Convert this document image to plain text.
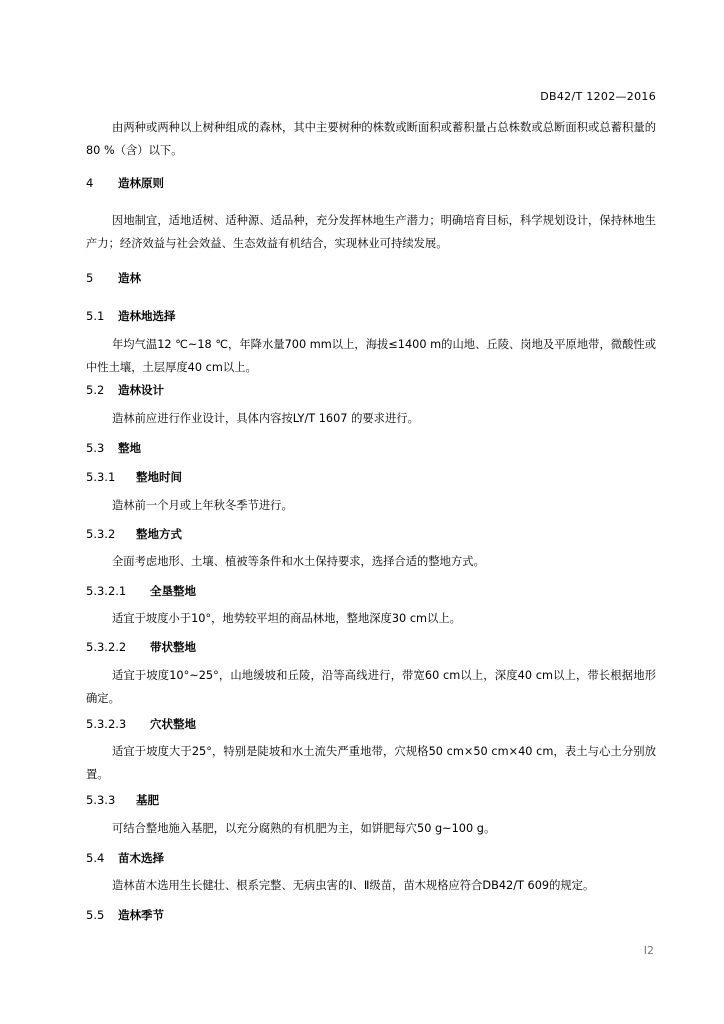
DB42/T 1202—2016
由两种或两种以上树种组成的森林，其中主要树种的株数或断面积或蓄积量占总株数或总断面积或总蓄积量的80 %（含）以下。
4 造林原则
因地制宜，适地适树、适种源、适品种，充分发挥林地生产潜力；明确培育目标，科学规划设计，保持林地生产力；经济效益与社会效益、生态效益有机结合，实现林业可持续发展。
5 造林
5.1 造林地选择
年均气温12 ℃~18 ℃，年降水量700 mm以上，海拔≤1400 m的山地、丘陵、岗地及平原地带，微酸性或中性土壤，土层厚度40 cm以上。
5.2 造林设计
造林前应进行作业设计，具体内容按LY/T 1607 的要求进行。
5.3 整地
5.3.1 整地时间
造林前一个月或上年秋冬季节进行。
5.3.2 整地方式
全面考虑地形、土壤、植被等条件和水土保持要求，选择合适的整地方式。
5.3.2.1 全垦整地
适宜于坡度小于10°，地势较平坦的商品林地，整地深度30 cm以上。
5.3.2.2 带状整地
适宜于坡度10°~25°，山地缓坡和丘陵，沿等高线进行，带宽60 cm以上，深度40 cm以上，带长根据地形确定。
5.3.2.3 穴状整地
适宜于坡度大于25°，特别是陡坡和水土流失严重地带，穴规格50 cm×50 cm×40 cm，表土与心土分别放置。
5.3.3 基肥
可结合整地施入基肥，以充分腐熟的有机肥为主，如饼肥每穴50 g~100 g。
5.4 苗木选择
造林苗木选用生长健壮、根系完整、无病虫害的Ⅰ、Ⅱ级苗，苗木规格应符合DB42/T 609的规定。
5.5 造林季节
I2
